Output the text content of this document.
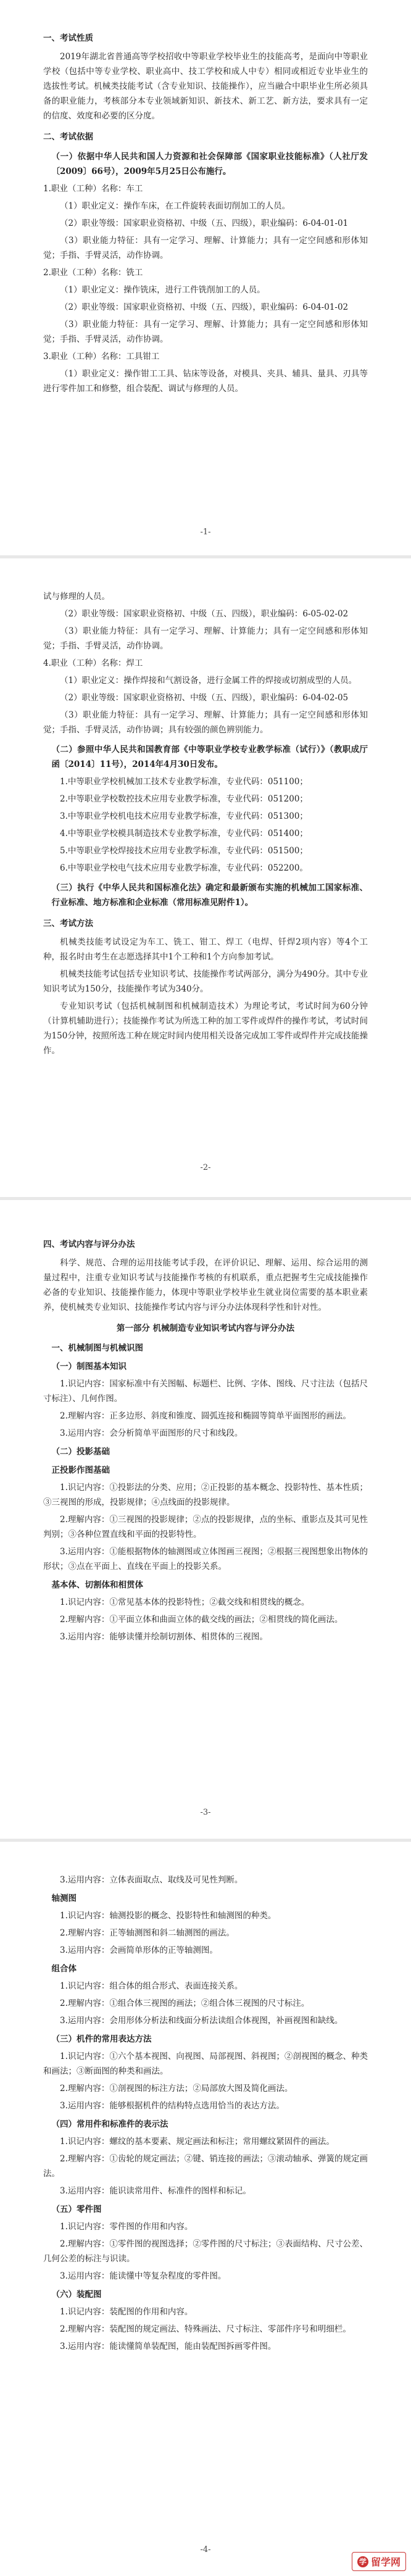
一、考试性质

2019年湖北省普通高等学校招收中等职业学校毕业生的技能高考，是面向中等职业学校（包括中等专业学校、职业高中、技工学校和成人中专）相同或相近专业毕业生的选拔性考试。机械类技能考试（含专业知识、技能操作），应当融合中职毕业生所必须具备的职业能力，考核部分本专业领域新知识、新技术、新工艺、新方法，要求具有一定的信度、效度和必要的区分度。

二、考试依据

（一）依据中华人民共和国人力资源和社会保障部《国家职业技能标准》（人社厅发〔2009〕66号），2009年5月25日公布施行。

1.职业（工种）名称：车工

（1）职业定义：操作车床，在工件旋转表面切削加工的人员。

（2）职业等级：国家职业资格初、中级（五、四级），职业编码：6-04-01-01

（3）职业能力特征：具有一定学习、理解、计算能力；具有一定空间感和形体知觉；手指、手臂灵活，动作协调。

2.职业（工种）名称：铣工

（1）职业定义：操作铣床，进行工件铣削加工的人员。

（2）职业等级：国家职业资格初、中级（五、四级），职业编码：6-04-01-02

（3）职业能力特征：具有一定学习、理解、计算能力；具有一定空间感和形体知觉；手指、手臂灵活，动作协调。

3.职业（工种）名称：工具钳工

（1）职业定义：操作钳工工具、钻床等设备，对模具、夹具、辅具、量具、刃具等进行零件加工和修整，组合装配、调试与修理的人员。

-1-

试与修理的人员。

（2）职业等级：国家职业资格初、中级（五、四级），职业编码：6-05-02-02

（3）职业能力特征：具有一定学习、理解、计算能力；具有一定空间感和形体知觉；手指、手臂灵活，动作协调。

4.职业（工种）名称：焊工

（1）职业定义：操作焊接和气割设备，进行金属工件的焊接或切割成型的人员。

（2）职业等级：国家职业资格初、中级（五、四级），职业编码：6-04-02-05

（3）职业能力特征：具有一定学习、理解、计算能力；具有一定空间感和形体知觉；手指、手臂灵活，动作协调；具有较强的颜色辨别能力。

（二）参照中华人民共和国教育部《中等职业学校专业教学标准（试行）》（教职成厅函〔2014〕11号），2014年4月30日发布。

1.中等职业学校机械加工技术专业教学标准，专业代码：051100；

2.中等职业学校数控技术应用专业教学标准，专业代码：051200；

3.中等职业学校机电技术应用专业教学标准，专业代码：051300；

4.中等职业学校模具制造技术专业教学标准，专业代码：051400；

5.中等职业学校焊接技术应用专业教学标准，专业代码：051500；

6.中等职业学校电气技术应用专业教学标准，专业代码：052200。

（三）执行《中华人民共和国标准化法》确定和最新颁布实施的机械加工国家标准、行业标准、地方标准和企业标准（常用标准见附件1）。

三、考试方法

机械类技能考试设定为车工、铣工、钳工、焊工（电焊、钎焊2项内容）等4个工种，报名时由考生在志愿选择其中1个工种和1个方向参加考试。

机械类技能考试包括专业知识考试、技能操作考试两部分，满分为490分。其中专业知识考试为150分，技能操作考试为340分。

专业知识考试（包括机械制图和机械制造技术）为理论考试，考试时间为60分钟（计算机辅助进行）；技能操作考试为所选工种的加工零件或焊件的操作考试，考试时间为150分钟，按照所选工种在规定时间内使用相关设备完成加工零件或焊件并完成技能操作。

-2-

四、考试内容与评分办法

科学、规范、合理的运用技能考试手段，在评价识记、理解、运用、综合运用的测量过程中，注重专业知识考试与技能操作考核的有机联系，重点把握考生完成技能操作必备的专业知识、技能操作能力，体现中等职业学校毕业生就业岗位需要的基本职业素养，使机械类专业知识、技能操作考试内容与评分办法体现科学性和针对性。

第一部分 机械制造专业知识考试内容与评分办法

一、机械制图与机械识图

（一）制图基本知识

1.识记内容：国家标准中有关图幅、标题栏、比例、字体、图线、尺寸注法（包括尺寸标注）、几何作图。

2.理解内容：正多边形、斜度和锥度、圆弧连接和椭圆等简单平面图形的画法。

3.运用内容：会分析简单平面图形的尺寸和线段。

（二）投影基础

正投影作图基础

1.识记内容：①投影法的分类、应用；②正投影的基本概念、投影特性、基本性质；③三视图的形成，投影规律；④点线面的投影规律。

2.理解内容：①三视图的投影规律；②点的投影规律，点的坐标、重影点及其可见性判别；③各种位置直线和平面的投影特性。

3.运用内容：①能根据物体的轴测图或立体图画三视图；②根据三视图想象出物体的形状；③点在平面上、直线在平面上的投影关系。

基本体、切割体和相贯体

1.识记内容：①常见基本体的投影特性；②截交线和相贯线的概念。

2.理解内容：①平面立体和曲面立体的截交线的画法；②相贯线的简化画法。

3.运用内容：能够读懂并绘制切割体、相贯体的三视图。

-3-

3.运用内容：立体表面取点、取线及可见性判断。

轴测图

1.识记内容：轴测投影的概念、投影特性和轴测图的种类。

2.理解内容：正等轴测图和斜二轴测图的画法。

3.运用内容：会画简单形体的正等轴测图。

组合体

1.识记内容：组合体的组合形式、表面连接关系。

2.理解内容：①组合体三视图的画法；②组合体三视图的尺寸标注。

3.运用内容：会用形体分析法和线面分析法读组合体视图，补画视图和缺线。

（三）机件的常用表达方法

1.识记内容：①六个基本视图、向视图、局部视图、斜视图；②剖视图的概念、种类和画法；③断面图的种类和画法。

2.理解内容：①剖视图的标注方法；②局部放大图及简化画法。

3.运用内容：能够根据机件的结构特点选用恰当的表达方法。

（四）常用件和标准件的表示法

1.识记内容：螺纹的基本要素、规定画法和标注；常用螺纹紧固件的画法。

2.理解内容：①齿轮的规定画法；②键、销连接的画法；③滚动轴承、弹簧的规定画法。

3.运用内容：能识读常用件、标准件的图样和标记。

（五）零件图

1.识记内容：零件图的作用和内容。

2.理解内容：①零件图的视图选择；②零件图的尺寸标注；③表面结构、尺寸公差、几何公差的标注与识读。

3.运用内容：能读懂中等复杂程度的零件图。

（六）装配图

1.识记内容：装配图的作用和内容。

2.理解内容：装配图的规定画法、特殊画法、尺寸标注、零部件序号和明细栏。

3.运用内容：能读懂简单装配图，能由装配图拆画零件图。

-4-
学 留学网
